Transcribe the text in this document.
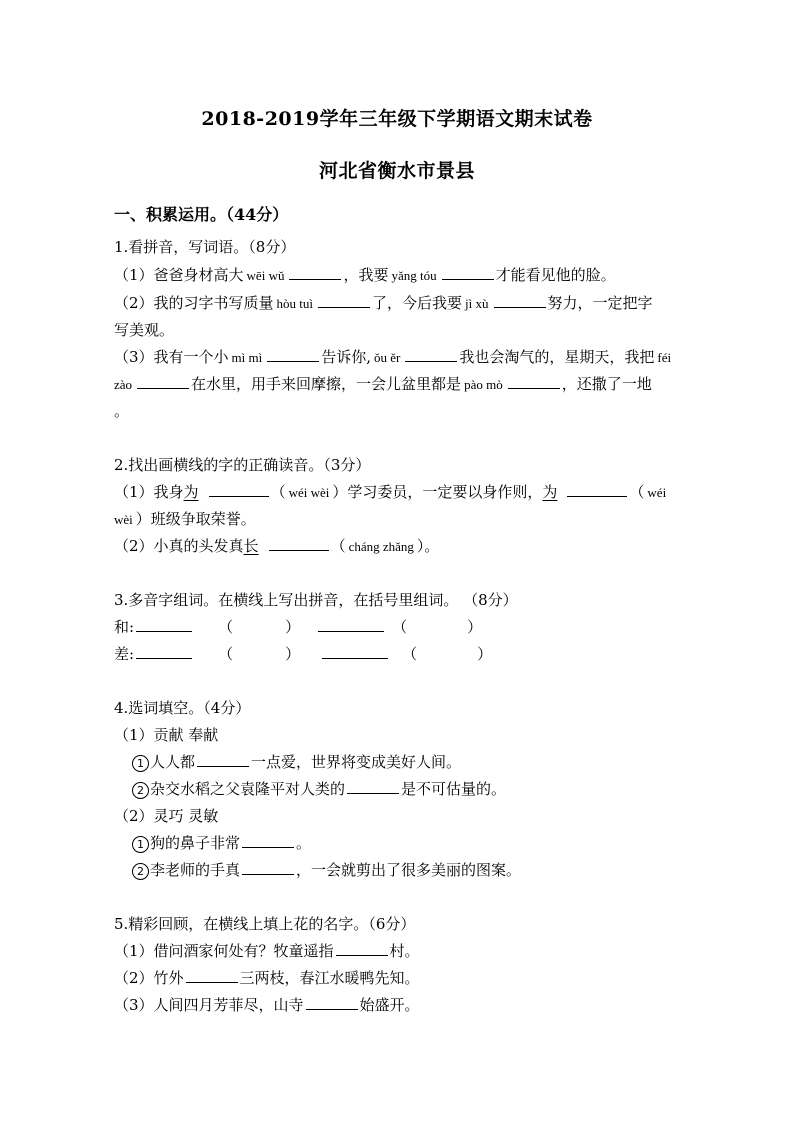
2018-2019学年三年级下学期语文期末试卷
河北省衡水市景县
一、积累运用。（44分）
1.看拼音，写词语。（8分）
（1）爸爸身材高大 wēi wǔ	，我要 yǎng tóu	才能看见他的脸。
（2）我的习字书写质量 hòu tuì	了，今后我要 jì xù	努力，一定把字
写美观。
（3）我有一个小 mì mì	告诉你, ǒu ěr	我也会淘气的，星期天，我把 féi
zào	在水里，用手来回摩擦，一会儿盆里都是 pào mò	，还撒了一地
。
2.找出画横线的字的正确读音。（3分）
（1）我身为	（ wéi wèi ）学习委员，一定要以身作则，为	（ wéi
wèi ）班级争取荣誉。
（2）小真的头发真长	（ cháng zhǎng ）。
3.多音字组词。在横线上写出拼音，在括号里组词。 （8分）
和:	（	）	（	）
差:	（	）	（	）
4.选词填空。（4分）
（1）贡献 奉献
1 人人都	一点爱，世界将变成美好人间。
2 杂交水稻之父袁隆平对人类的	是不可估量的。
（2）灵巧 灵敏
1 狗的鼻子非常	。
2 李老师的手真	，一会就剪出了很多美丽的图案。
5.精彩回顾，在横线上填上花的名字。（6分）
（1）借问酒家何处有？牧童遥指	村。
（2）竹外	三两枝，春江水暖鸭先知。
（3）人间四月芳菲尽，山寺	始盛开。
